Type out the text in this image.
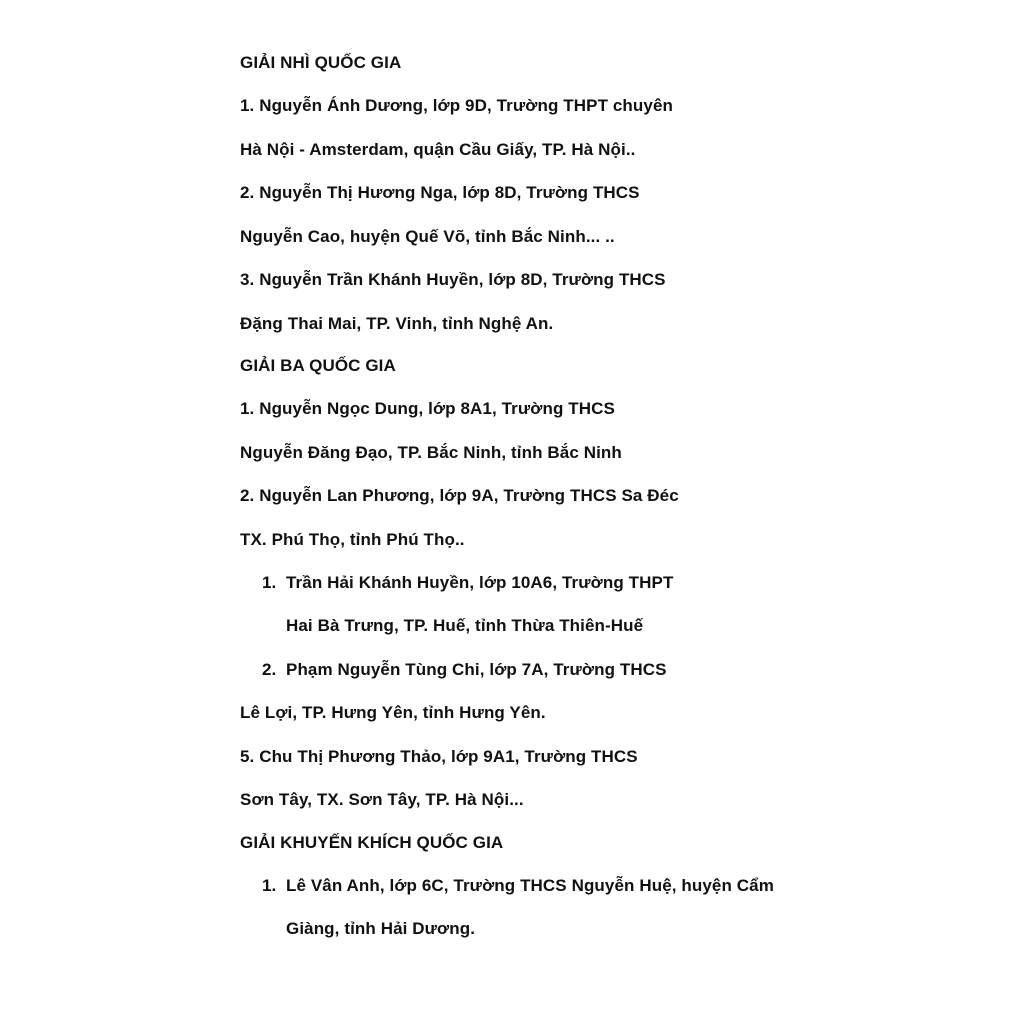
GIẢI NHÌ QUỐC GIA
1. Nguyễn Ánh Dương, lớp 9D, Trường THPT chuyên
Hà Nội - Amsterdam, quận Cầu Giấy, TP. Hà Nội..
2. Nguyễn Thị Hương Nga, lớp 8D, Trường THCS
Nguyễn Cao, huyện Quế Võ, tỉnh Bắc Ninh... ..
3. Nguyễn Trần Khánh Huyền, lớp 8D, Trường THCS
Đặng Thai Mai, TP. Vinh, tỉnh Nghệ An.
GIẢI BA QUỐC GIA
1. Nguyễn Ngọc Dung, lớp 8A1, Trường THCS
Nguyễn Đăng Đạo, TP. Bắc Ninh, tỉnh Bắc Ninh
2. Nguyễn Lan Phương, lớp 9A, Trường THCS Sa Đéc
TX. Phú Thọ, tỉnh Phú Thọ..
1. Trần Hải Khánh Huyền, lớp 10A6, Trường THPT
Hai Bà Trưng, TP. Huế, tỉnh Thừa Thiên-Huế
2. Phạm Nguyễn Tùng Chi, lớp 7A, Trường THCS
Lê Lợi, TP. Hưng Yên, tỉnh Hưng Yên.
5. Chu Thị Phương Thảo, lớp 9A1, Trường THCS
Sơn Tây, TX. Sơn Tây, TP. Hà Nội...
GIẢI KHUYẾN KHÍCH QUỐC GIA
1. Lê Vân Anh, lớp 6C, Trường THCS Nguyễn Huệ, huyện Cẩm
Giàng, tỉnh Hải Dương.
